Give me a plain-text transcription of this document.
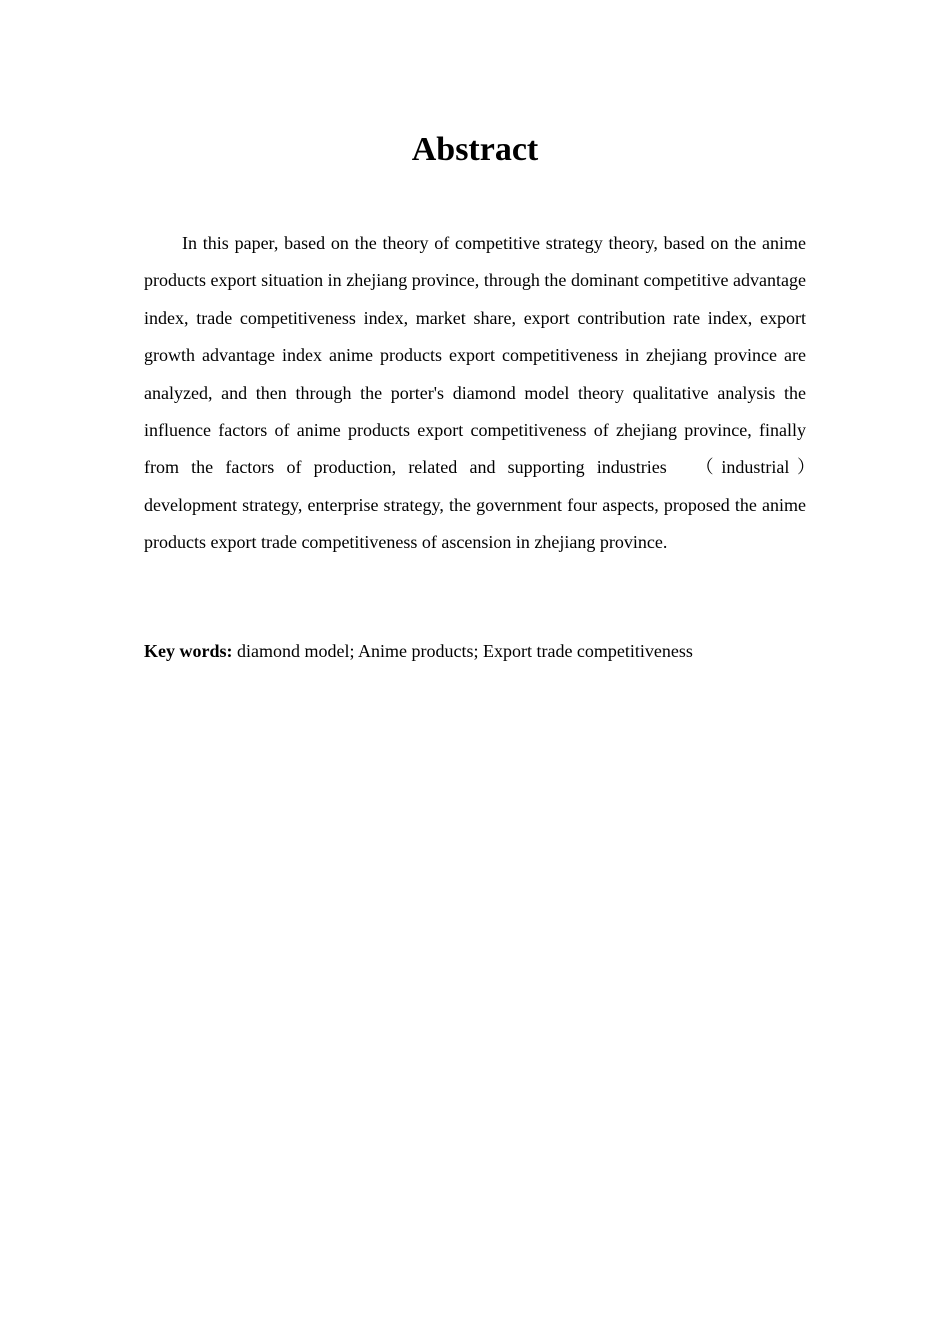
Abstract

In this paper, based on the theory of competitive strategy theory, based on the anime products export situation in zhejiang province, through the dominant competitive advantage index, trade competitiveness index, market share, export contribution rate index, export growth advantage index anime products export competitiveness in zhejiang province are analyzed, and then through the porter's diamond model theory qualitative analysis the influence factors of anime products export competitiveness of zhejiang province, finally from the factors of production, related and supporting industries 　（industrial）　development strategy, enterprise strategy, the government four aspects, proposed the anime products export trade competitiveness of ascension in zhejiang province.

Key words: diamond model; Anime products; Export trade competitiveness
